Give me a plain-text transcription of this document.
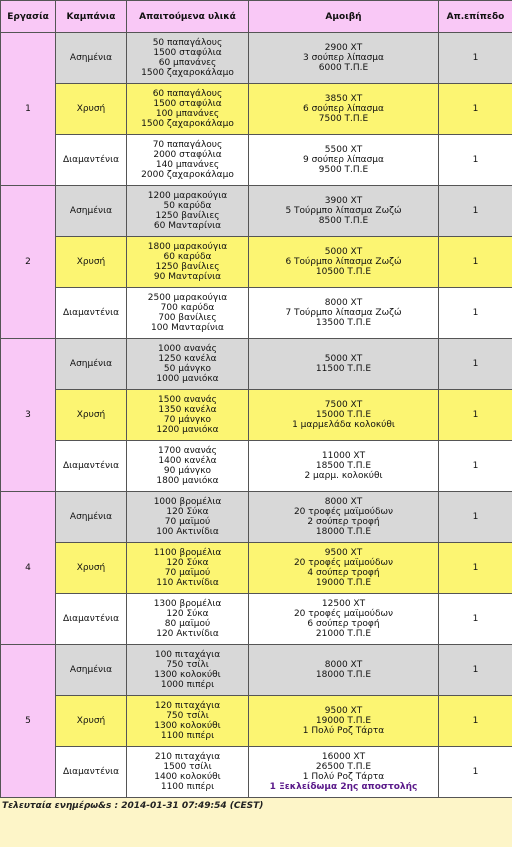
Εργασία	Καμπάνια	Απαιτούμενα υλικά	Αμοιβή	Απ.επίπεδο
1	Ασημένια	50 παπαγάλους
1500 σταφύλια
60 μπανάνες
1500 ζαχαροκάλαμο	2900 ΧΤ
3 σούπερ λίπασμα
6000 Τ.Π.Ε	1
	Χρυσή	60 παπαγάλους
1500 σταφύλια
100 μπανάνες
1500 ζαχαροκάλαμο	3850 ΧΤ
6 σούπερ λίπασμα
7500 Τ.Π.Ε	1
	Διαμαντένια	70 παπαγάλους
2000 σταφύλια
140 μπανάνες
2000 ζαχαροκάλαμο	5500 ΧΤ
9 σούπερ λίπασμα
9500 Τ.Π.Ε	1
2	Ασημένια	1200 μαρακούγια
50 καρύδα
1250 βανίλιες
60 Μανταρίνια	3900 ΧΤ
5 Τούρμπο λίπασμα Ζωζώ
8500 Τ.Π.Ε	1
	Χρυσή	1800 μαρακούγια
60 καρύδα
1250 βανίλιες
90 Μανταρίνια	5000 ΧΤ
6 Τούρμπο λίπασμα Ζωζώ
10500 Τ.Π.Ε	1
	Διαμαντένια	2500 μαρακούγια
700 καρύδα
700 βανίλιες
100 Μανταρίνια	8000 ΧΤ
7 Τούρμπο λίπασμα Ζωζώ
13500 Τ.Π.Ε	1
3	Ασημένια	1000 ανανάς
1250 κανέλα
50 μάνγκο
1000 μανιόκα	5000 ΧΤ
11500 Τ.Π.Ε	1
	Χρυσή	1500 ανανάς
1350 κανέλα
70 μάνγκο
1200 μανιόκα	7500 ΧΤ
15000 Τ.Π.Ε
1 μαρμελάδα κολοκύθι	1
	Διαμαντένια	1700 ανανάς
1400 κανέλα
90 μάνγκο
1800 μανιόκα	11000 ΧΤ
18500 Τ.Π.Ε
2 μαρμ. κολοκύθι	1
4	Ασημένια	1000 βρομέλια
120 Σύκα
70 μαϊμού
100 Ακτινίδια	8000 ΧΤ
20 τροφές μαϊμούδων
2 σούπερ τροφή
18000 Τ.Π.Ε	1
	Χρυσή	1100 βρομέλια
120 Σύκα
70 μαϊμού
110 Ακτινίδια	9500 ΧΤ
20 τροφές μαϊμούδων
4 σούπερ τροφή
19000 Τ.Π.Ε	1
	Διαμαντένια	1300 βρομέλια
120 Σύκα
80 μαϊμού
120 Ακτινίδια	12500 ΧΤ
20 τροφές μαϊμούδων
6 σούπερ τροφή
21000 Τ.Π.Ε	1
5	Ασημένια	100 πιταχάγια
750 τσίλι
1300 κολοκύθι
1000 πιπέρι	8000 ΧΤ
18000 Τ.Π.Ε	1
	Χρυσή	120 πιταχάγια
750 τσίλι
1300 κολοκύθι
1100 πιπέρι	9500 ΧΤ
19000 Τ.Π.Ε
1 Πολύ Ροζ Τάρτα	1
	Διαμαντένια	210 πιταχάγια
1500 τσίλι
1400 κολοκύθι
1100 πιπέρι	16000 ΧΤ
26500 Τ.Π.Ε
1 Πολύ Ροζ Τάρτα
1 Ξεκλείδωμα 2ης αποστολής	1
Τελευταία ενημέρω&s : 2014-01-31 07:49:54 (CEST)
